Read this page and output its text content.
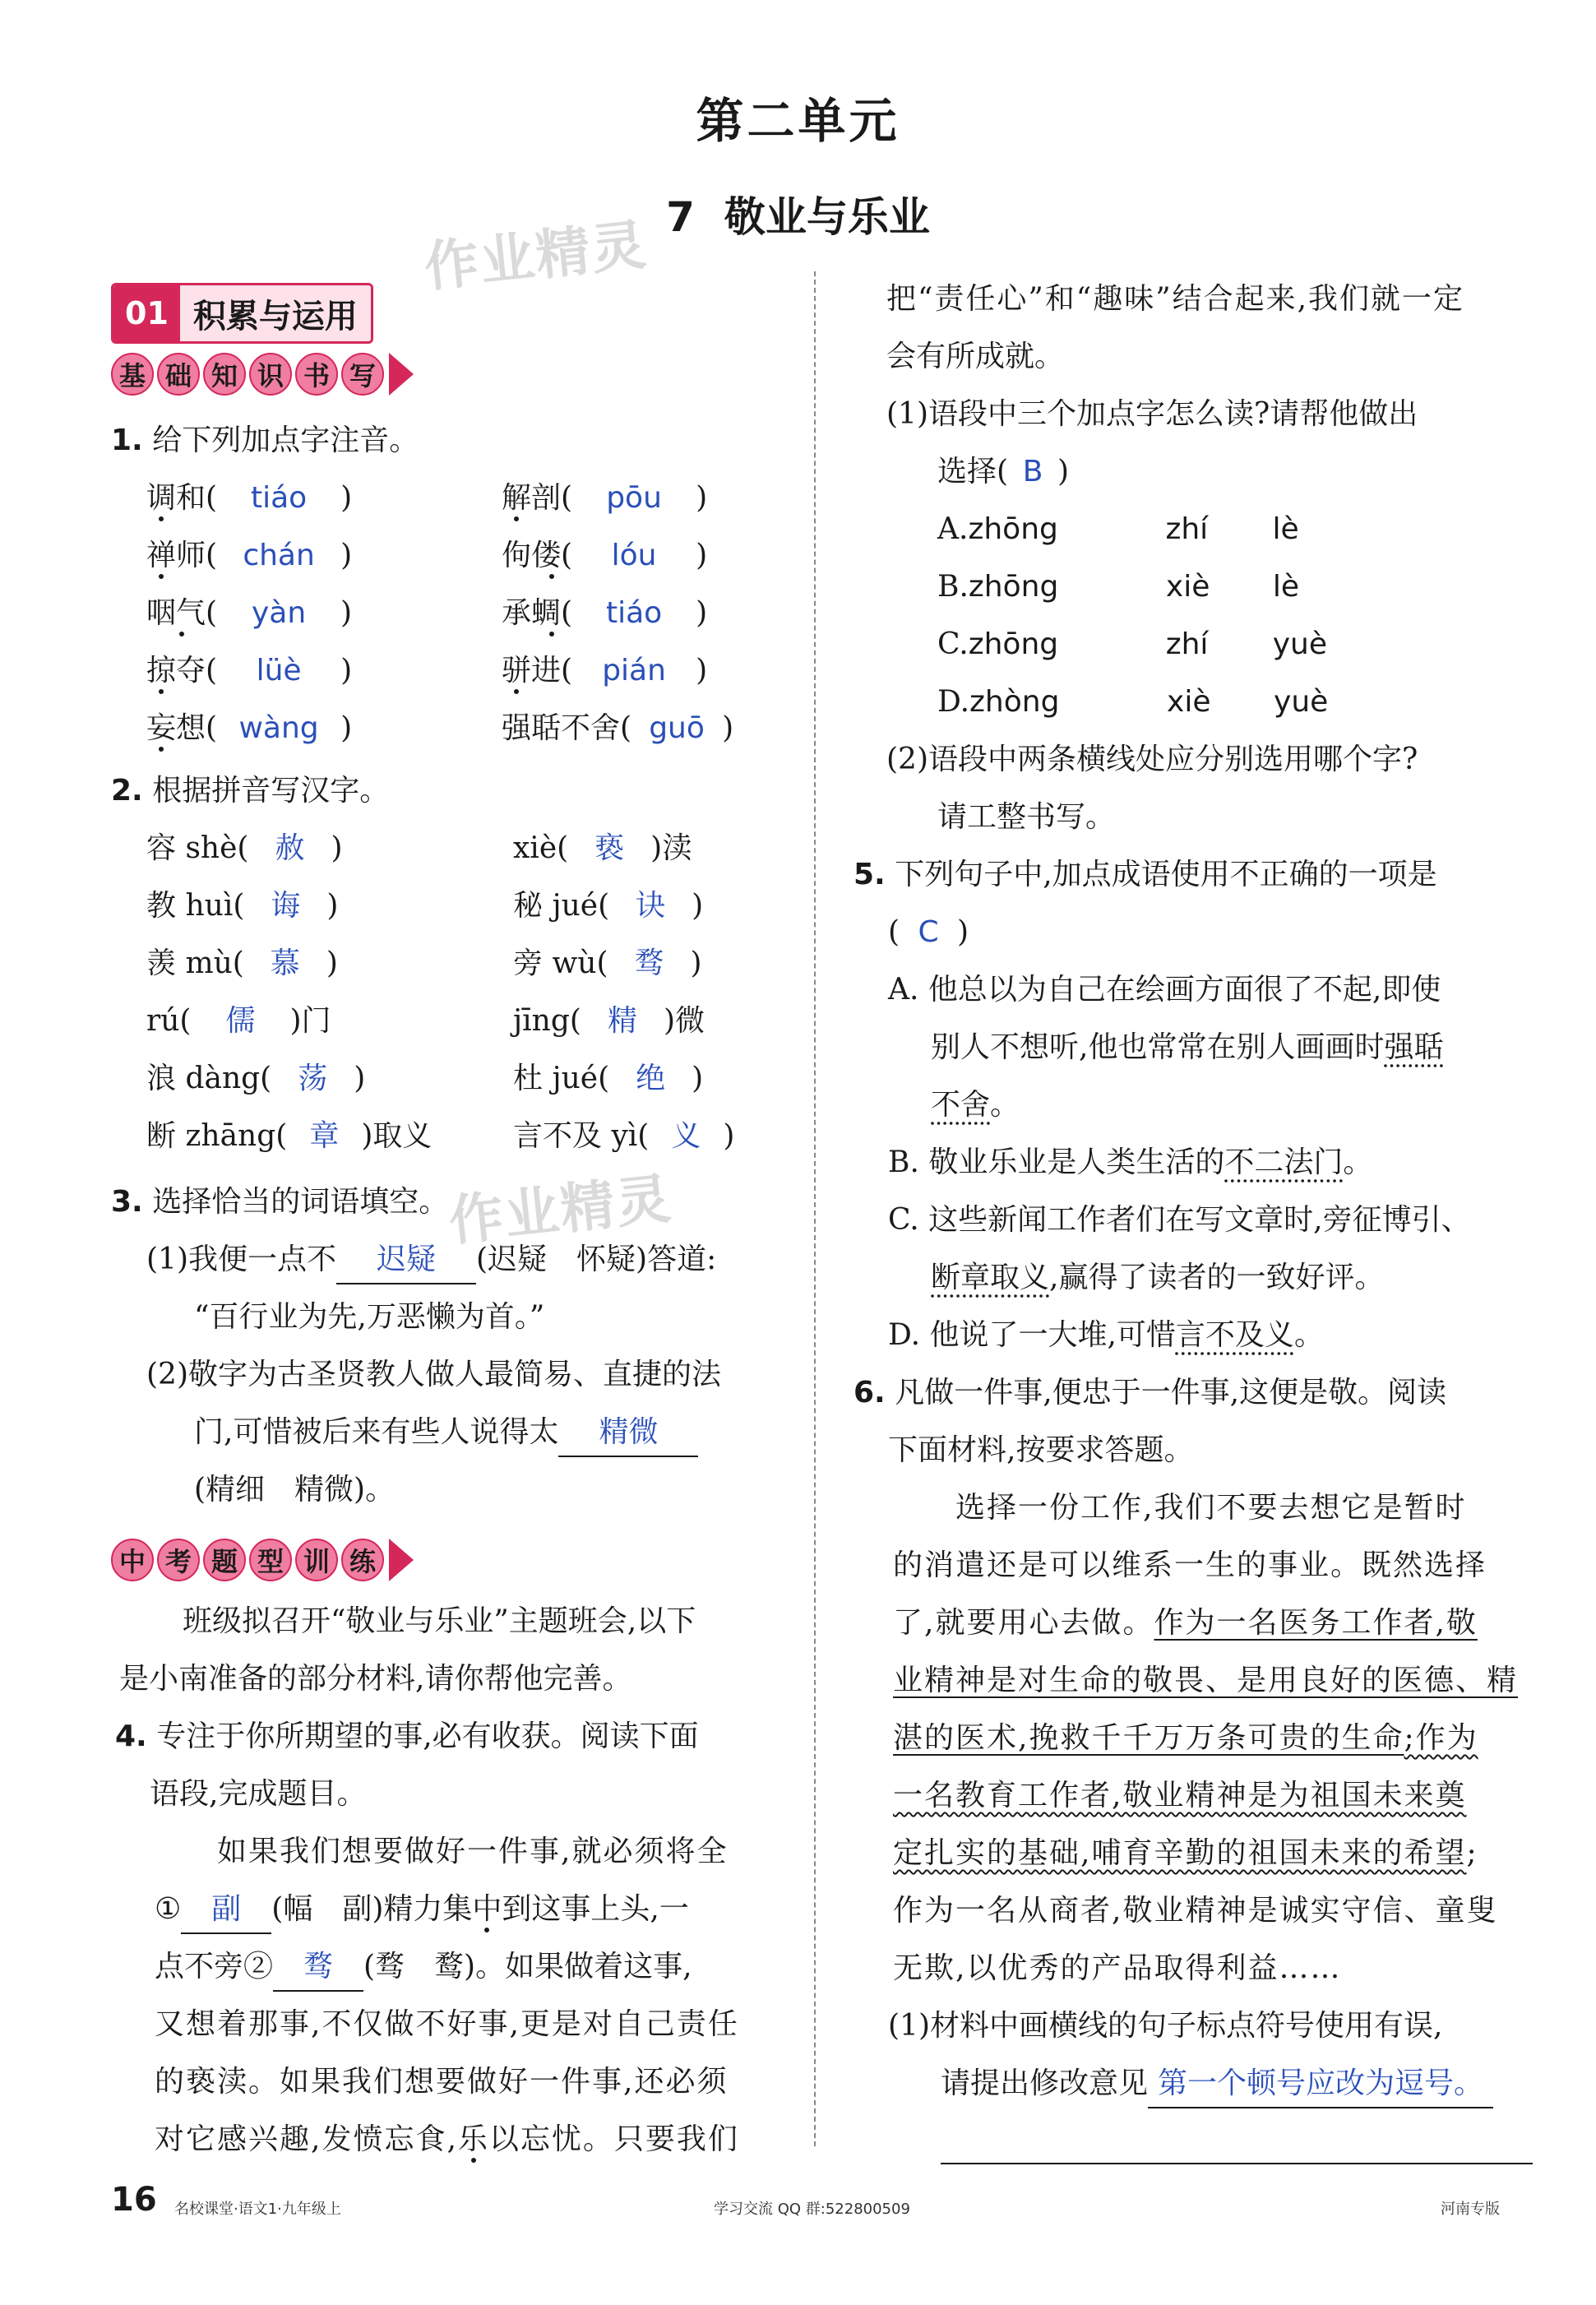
第二单元
7 敬业与乐业
作业精灵
作业精灵
01 积累与运用
基 础 知 识 书 写
1. 给下列加点字注音。
调和( tiáo )	解剖( pōu )
禅师( chán )	佝偻( lóu )
咽气( yàn )	承蜩( tiáo )
掠夺( lüè )	骈进( pián )
妄想( wàng )	强聒不舍( guō )
2. 根据拼音写汉字。
容 shè( 赦 )	xiè( 亵 )渎
教 huì( 诲 )	秘 jué( 诀 )
羡 mù( 慕 )	旁 wù( 骛 )
rú( 儒 )门	jīng( 精 )微
浪 dàng( 荡 )	杜 jué( 绝 )
断 zhāng( 章 )取义	言不及 yì( 义 )
3. 选择恰当的词语填空。
(1)我便一点不 迟疑 (迟疑　怀疑)答道:
“百行业为先,万恶懒为首。”
(2)敬字为古圣贤教人做人最简易、直捷的法
门,可惜被后来有些人说得太 精微
(精细　精微)。
中 考 题 型 训 练
班级拟召开“敬业与乐业”主题班会,以下
是小南准备的部分材料,请你帮他完善。
4. 专注于你所期望的事,必有收获。阅读下面
语段,完成题目。
如果我们想要做好一件事,就必须将全
① 副 (幅　副)精力集中到这事上头,一
点不旁② 骛 (骛　鹜)。如果做着这事,
又想着那事,不仅做不好事,更是对自己责任
的亵渎。如果我们想要做好一件事,还必须
对它感兴趣,发愤忘食,乐以忘忧。只要我们
把“责任心”和“趣味”结合起来,我们就一定
会有所成就。
(1)语段中三个加点字怎么读?请帮他做出
选择( B )
A.zhōng	zhí lè
B.zhōng	xiè lè
C.zhōng	zhí yuè
D.zhòng	xiè yuè
(2)语段中两条横线处应分别选用哪个字?
请工整书写。
5. 下列句子中,加点成语使用不正确的一项是
( C )
A. 他总以为自己在绘画方面很了不起,即使
别人不想听,他也常常在别人画画时强聒
不舍。
B. 敬业乐业是人类生活的不二法门。
C. 这些新闻工作者们在写文章时,旁征博引、
断章取义,赢得了读者的一致好评。
D. 他说了一大堆,可惜言不及义。
6. 凡做一件事,便忠于一件事,这便是敬。阅读
下面材料,按要求答题。
选择一份工作,我们不要去想它是暂时
的消遣还是可以维系一生的事业。既然选择
了,就要用心去做。作为一名医务工作者,敬
业精神是对生命的敬畏、是用良好的医德、精
湛的医术,挽救千千万万条可贵的生命;作为
一名教育工作者,敬业精神是为祖国未来奠
定扎实的基础,哺育辛勤的祖国未来的希望;
作为一名从商者,敬业精神是诚实守信、童叟
无欺,以优秀的产品取得利益……
(1)材料中画横线的句子标点符号使用有误,
请提出修改意见 第一个顿号应改为逗号。
16 名校课堂·语文1·九年级上	学习交流 QQ 群:522800509	河南专版
